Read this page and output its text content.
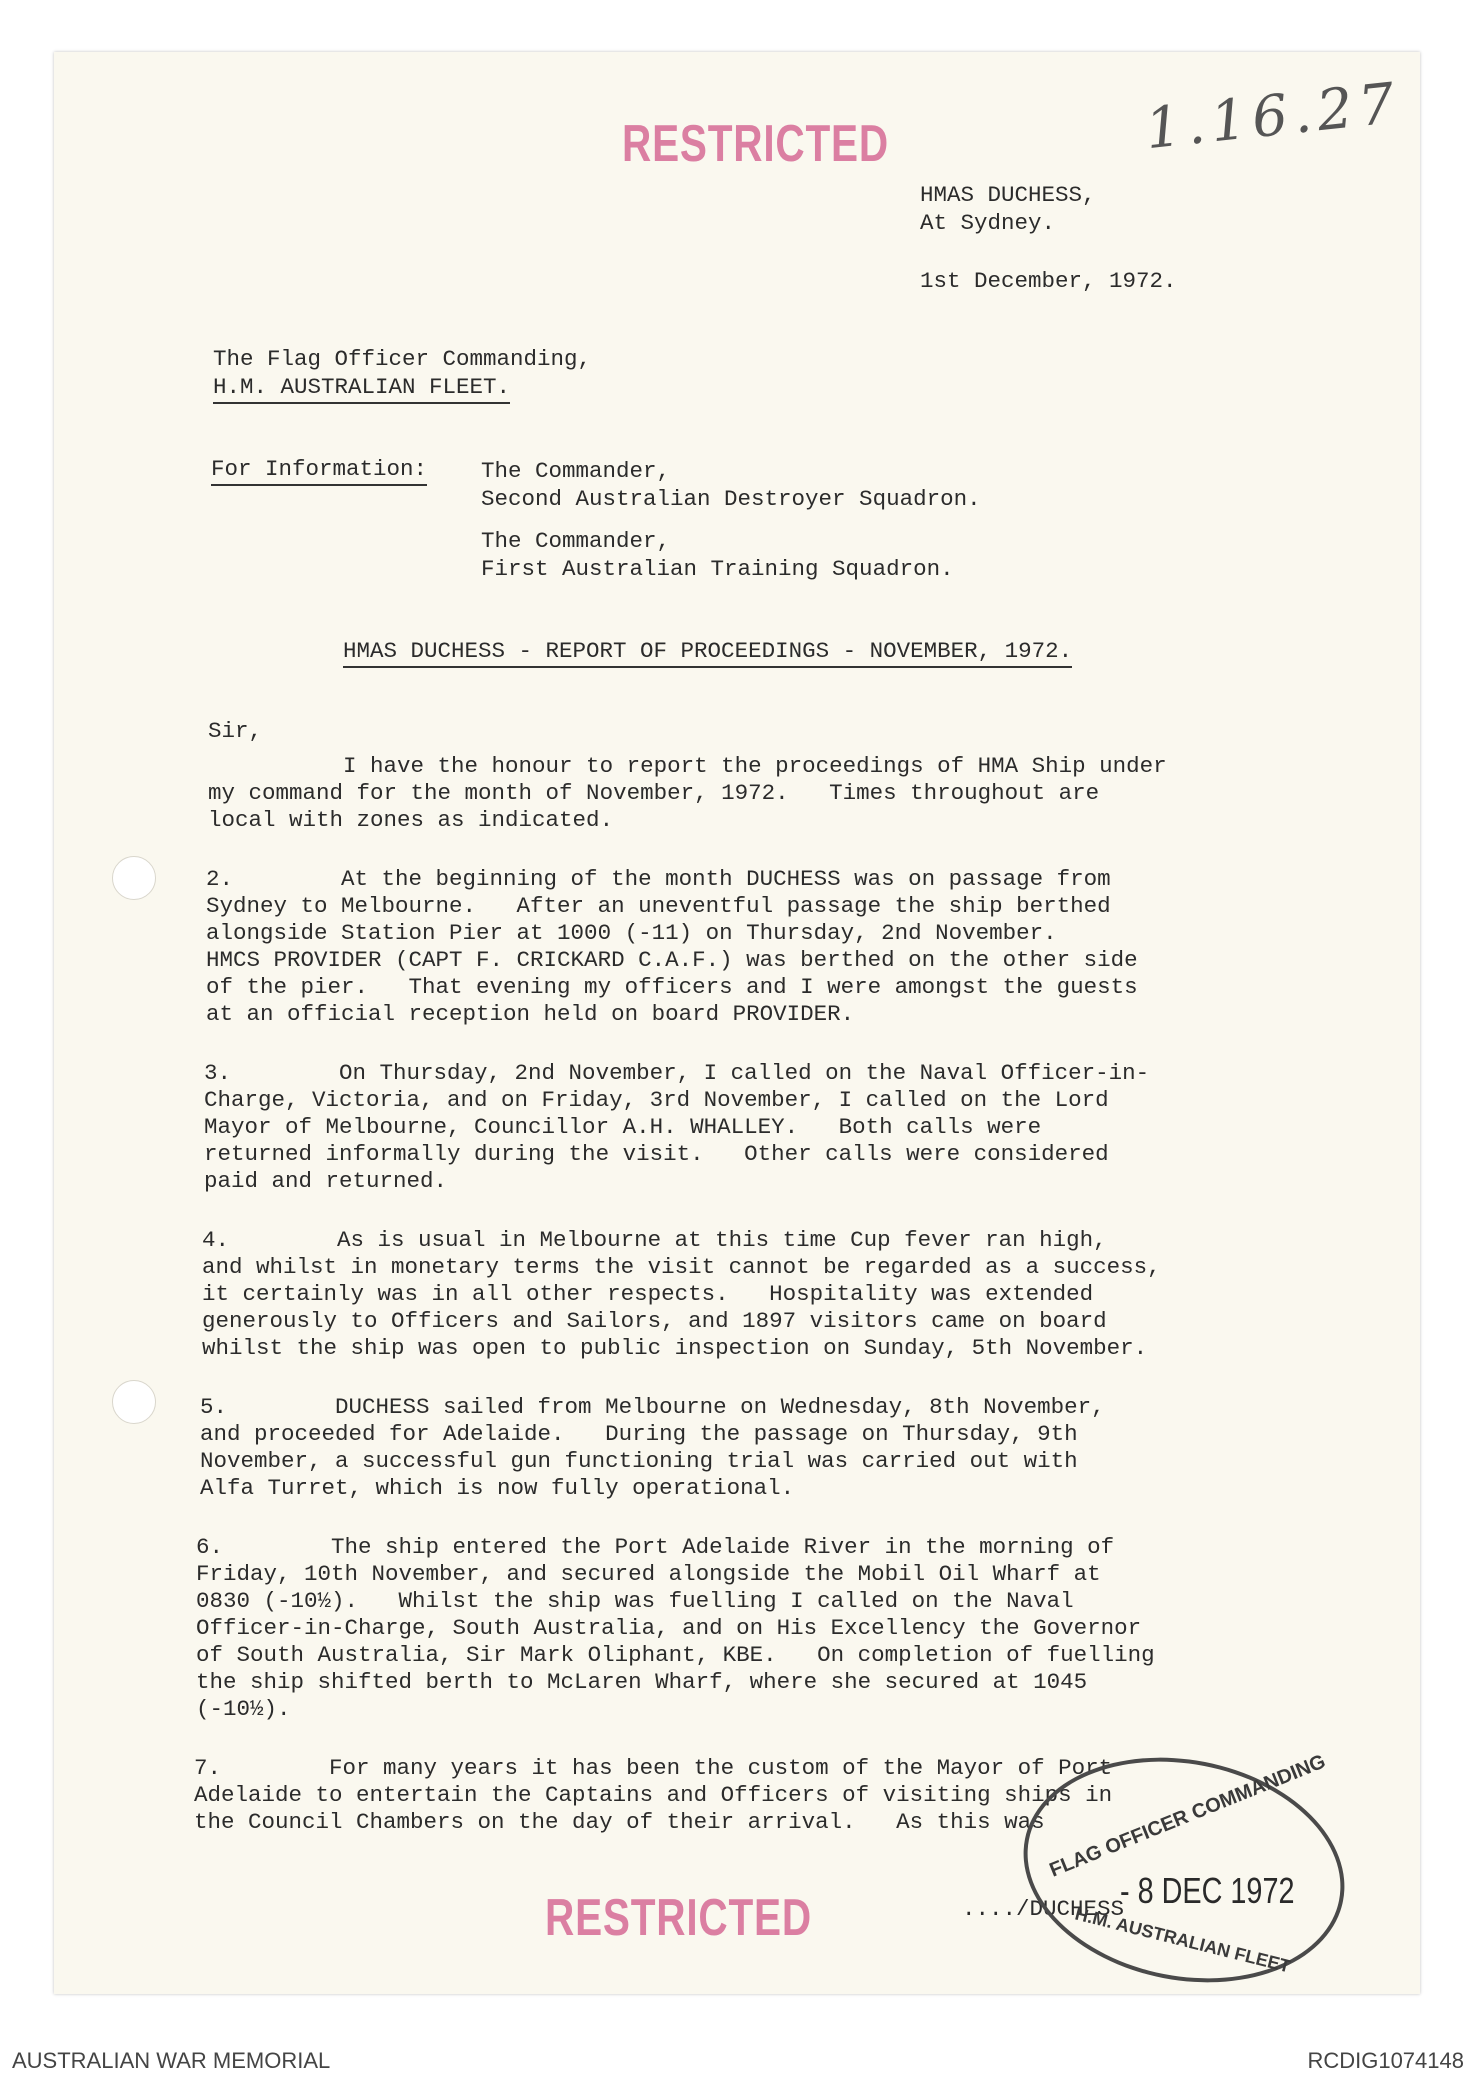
RESTRICTED	1.16.27
HMAS DUCHESS,
At Sydney.
1st December, 1972.
The Flag Officer Commanding,
H.M. AUSTRALIAN FLEET.
For Information: The Commander,
Second Australian Destroyer Squadron.
The Commander,
First Australian Training Squadron.
HMAS DUCHESS - REPORT OF PROCEEDINGS - NOVEMBER, 1972.
Sir,
I have the honour to report the proceedings of HMA Ship under
my command for the month of November, 1972.   Times throughout are
local with zones as indicated.
2.        At the beginning of the month DUCHESS was on passage from
Sydney to Melbourne.   After an uneventful passage the ship berthed
alongside Station Pier at 1000 (-11) on Thursday, 2nd November.
HMCS PROVIDER (CAPT F. CRICKARD C.A.F.) was berthed on the other side
of the pier.   That evening my officers and I were amongst the guests
at an official reception held on board PROVIDER.
3.        On Thursday, 2nd November, I called on the Naval Officer-in-
Charge, Victoria, and on Friday, 3rd November, I called on the Lord
Mayor of Melbourne, Councillor A.H. WHALLEY.   Both calls were
returned informally during the visit.   Other calls were considered
paid and returned.
4.        As is usual in Melbourne at this time Cup fever ran high,
and whilst in monetary terms the visit cannot be regarded as a success,
it certainly was in all other respects.   Hospitality was extended
generously to Officers and Sailors, and 1897 visitors came on board
whilst the ship was open to public inspection on Sunday, 5th November.
5.        DUCHESS sailed from Melbourne on Wednesday, 8th November,
and proceeded for Adelaide.   During the passage on Thursday, 9th
November, a successful gun functioning trial was carried out with
Alfa Turret, which is now fully operational.
6.        The ship entered the Port Adelaide River in the morning of
Friday, 10th November, and secured alongside the Mobil Oil Wharf at
0830 (-10½).   Whilst the ship was fuelling I called on the Naval
Officer-in-Charge, South Australia, and on His Excellency the Governor
of South Australia, Sir Mark Oliphant, KBE.   On completion of fuelling
the ship shifted berth to McLaren Wharf, where she secured at 1045
(-10½).
7.        For many years it has been the custom of the Mayor of Port
Adelaide to entertain the Captains and Officers of visiting ships in
the Council Chambers on the day of their arrival.   As this was
..../DUCHESS
RESTRICTED
FLAG OFFICER COMMANDING
- 8 DEC 1972
H.M. AUSTRALIAN FLEET
AUSTRALIAN WAR MEMORIAL	RCDIG1074148
